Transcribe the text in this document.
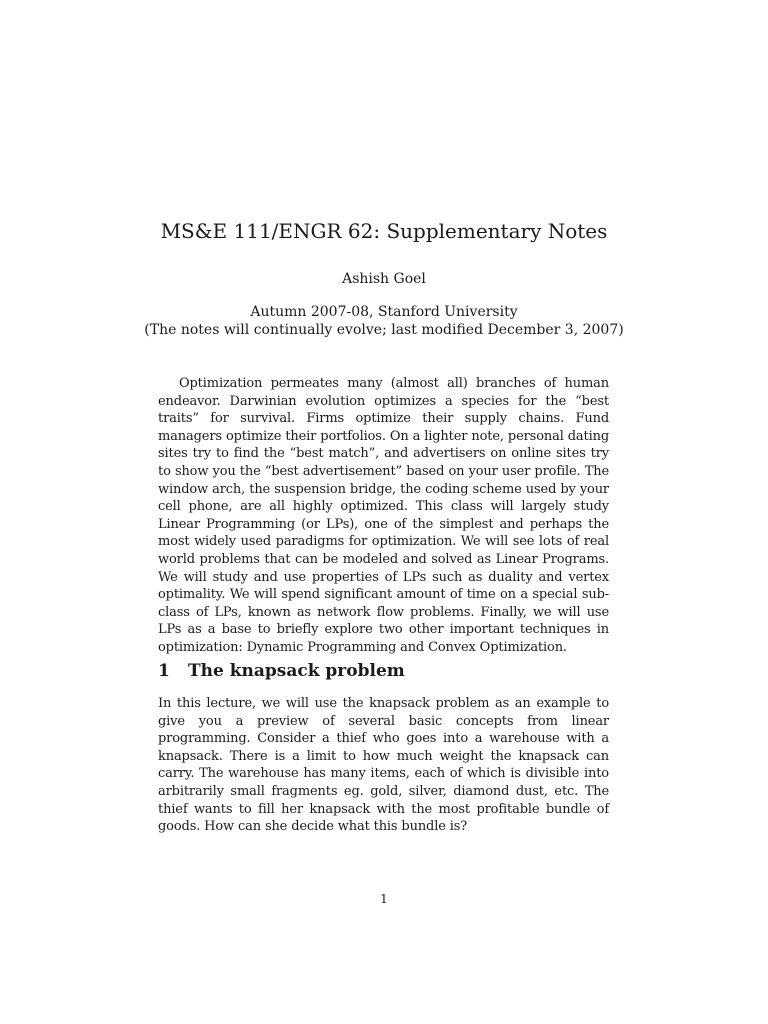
MS&E 111/ENGR 62: Supplementary Notes
Ashish Goel
Autumn 2007-08, Stanford University
(The notes will continually evolve; last modified December 3, 2007)

Optimization permeates many (almost all) branches of human endeavor. Darwinian evolution optimizes a species for the “best traits” for survival. Firms optimize their supply chains. Fund managers optimize their portfolios. On a lighter note, personal dating sites try to find the “best match”, and advertisers on online sites try to show you the “best advertisement” based on your user profile. The window arch, the suspension bridge, the coding scheme used by your cell phone, are all highly optimized. This class will largely study Linear Programming (or LPs), one of the simplest and perhaps the most widely used paradigms for optimization. We will see lots of real world problems that can be modeled and solved as Linear Programs. We will study and use properties of LPs such as duality and vertex optimality. We will spend significant amount of time on a special sub-class of LPs, known as network flow problems. Finally, we will use LPs as a base to briefly explore two other important techniques in optimization: Dynamic Programming and Convex Optimization.

1 The knapsack problem

In this lecture, we will use the knapsack problem as an example to give you a preview of several basic concepts from linear programming. Consider a thief who goes into a warehouse with a knapsack. There is a limit to how much weight the knapsack can carry. The warehouse has many items, each of which is divisible into arbitrarily small fragments eg. gold, silver, diamond dust, etc. The thief wants to fill her knapsack with the most profitable bundle of goods. How can she decide what this bundle is?

1
